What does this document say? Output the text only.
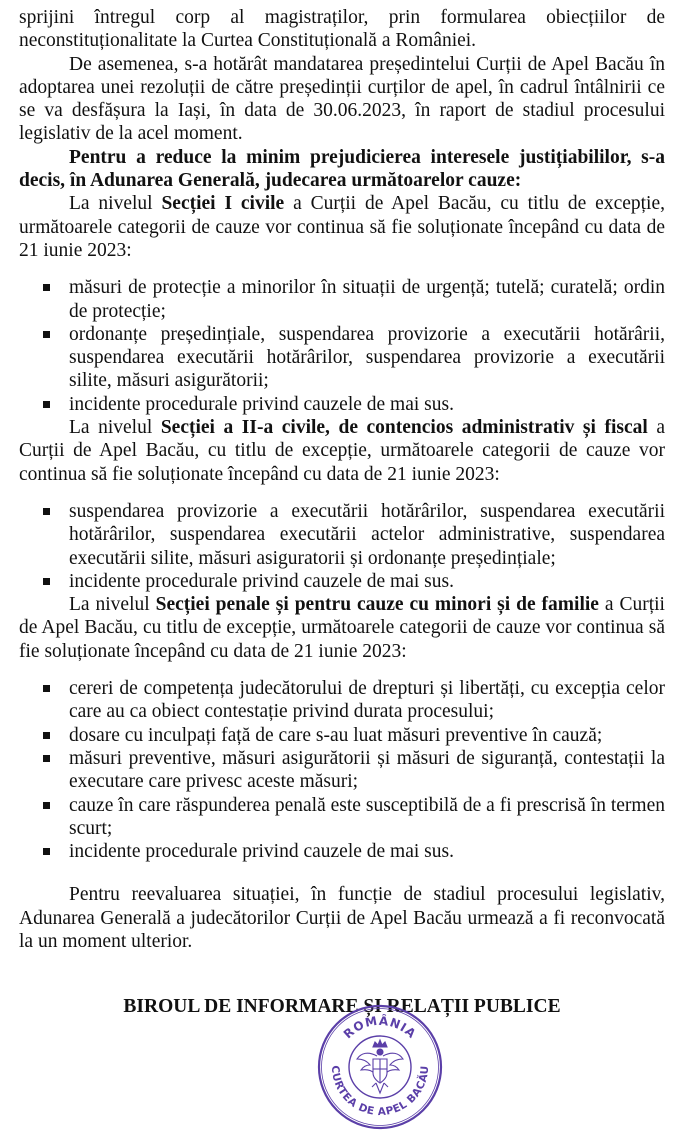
sprijini întregul corp al magistraților, prin formularea obiecțiilor de neconstituționalitate la Curtea Constituțională a României.

De asemenea, s-a hotărât mandatarea președintelui Curții de Apel Bacău în adoptarea unei rezoluții de către președinții curților de apel, în cadrul întâlnirii ce se va desfășura la Iași, în data de 30.06.2023, în raport de stadiul procesului legislativ de la acel moment.

Pentru a reduce la minim prejudicierea interesele justițiabililor, s-a decis, în Adunarea Generală, judecarea următoarelor cauze:

La nivelul Secției I civile a Curții de Apel Bacău, cu titlu de excepție, următoarele categorii de cauze vor continua să fie soluționate începând cu data de 21 iunie 2023:

măsuri de protecție a minorilor în situații de urgență; tutelă; curatelă; ordin de protecție;
ordonanțe președințiale, suspendarea provizorie a executării hotărârii, suspendarea executării hotărârilor, suspendarea provizorie a executării silite, măsuri asigurătorii;
incidente procedurale privind cauzele de mai sus.

La nivelul Secției a II-a civile, de contencios administrativ și fiscal a Curții de Apel Bacău, cu titlu de excepție, următoarele categorii de cauze vor continua să fie soluționate începând cu data de 21 iunie 2023:

suspendarea provizorie a executării hotărârilor, suspendarea executării hotărârilor, suspendarea executării actelor administrative, suspendarea executării silite, măsuri asiguratorii și ordonanțe președințiale;
incidente procedurale privind cauzele de mai sus.

La nivelul Secției penale și pentru cauze cu minori și de familie a Curții de Apel Bacău, cu titlu de excepție, următoarele categorii de cauze vor continua să fie soluționate începând cu data de 21 iunie 2023:

cereri de competența judecătorului de drepturi și libertăți, cu excepția celor care au ca obiect contestație privind durata procesului;
dosare cu inculpați față de care s-au luat măsuri preventive în cauză;
măsuri preventive, măsuri asigurătorii și măsuri de siguranță, contestații la executare care privesc aceste măsuri;
cauze în care răspunderea penală este susceptibilă de a fi prescrisă în termen scurt;
incidente procedurale privind cauzele de mai sus.

Pentru reevaluarea situației, în funcție de stadiul procesului legislativ, Adunarea Generală a judecătorilor Curții de Apel Bacău urmează a fi reconvocată la un moment ulterior.

BIROUL DE INFORMARE ȘI RELAȚII PUBLICE

ROMÂNIA
CURTEA DE APEL BACĂU
